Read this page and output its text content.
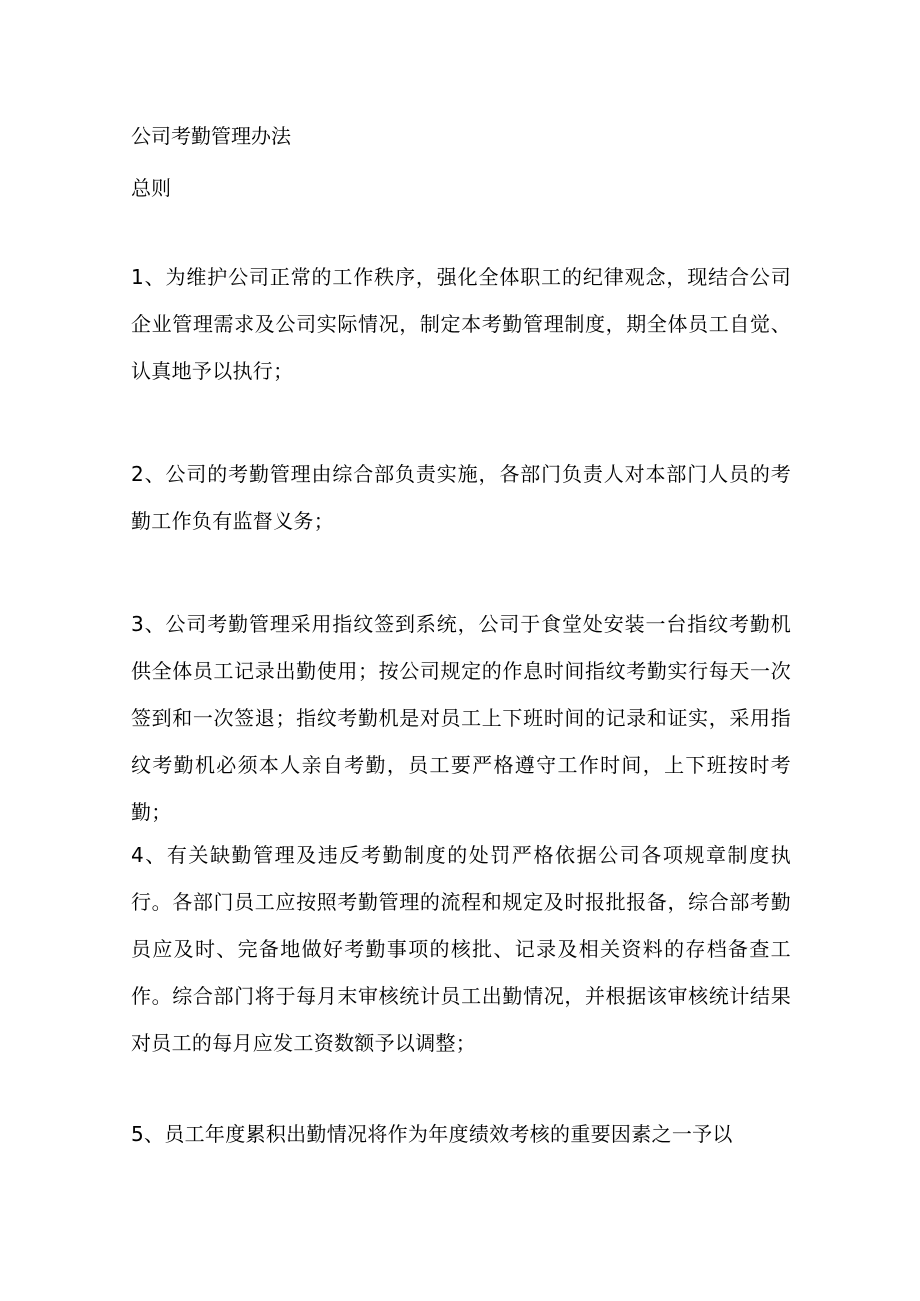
公司考勤管理办法
总则

1、为维护公司正常的工作秩序，强化全体职工的纪律观念，现结合公司企业管理需求及公司实际情况，制定本考勤管理制度，期全体员工自觉、认真地予以执行；

2、公司的考勤管理由综合部负责实施，各部门负责人对本部门人员的考勤工作负有监督义务；

3、公司考勤管理采用指纹签到系统，公司于食堂处安装一台指纹考勤机供全体员工记录出勤使用；按公司规定的作息时间指纹考勤实行每天一次签到和一次签退；指纹考勤机是对员工上下班时间的记录和证实，采用指纹考勤机必须本人亲自考勤，员工要严格遵守工作时间，上下班按时考勤；

4、有关缺勤管理及违反考勤制度的处罚严格依据公司各项规章制度执行。各部门员工应按照考勤管理的流程和规定及时报批报备，综合部考勤员应及时、完备地做好考勤事项的核批、记录及相关资料的存档备查工作。综合部门将于每月末审核统计员工出勤情况，并根据该审核统计结果对员工的每月应发工资数额予以调整；

5、员工年度累积出勤情况将作为年度绩效考核的重要因素之一予以
